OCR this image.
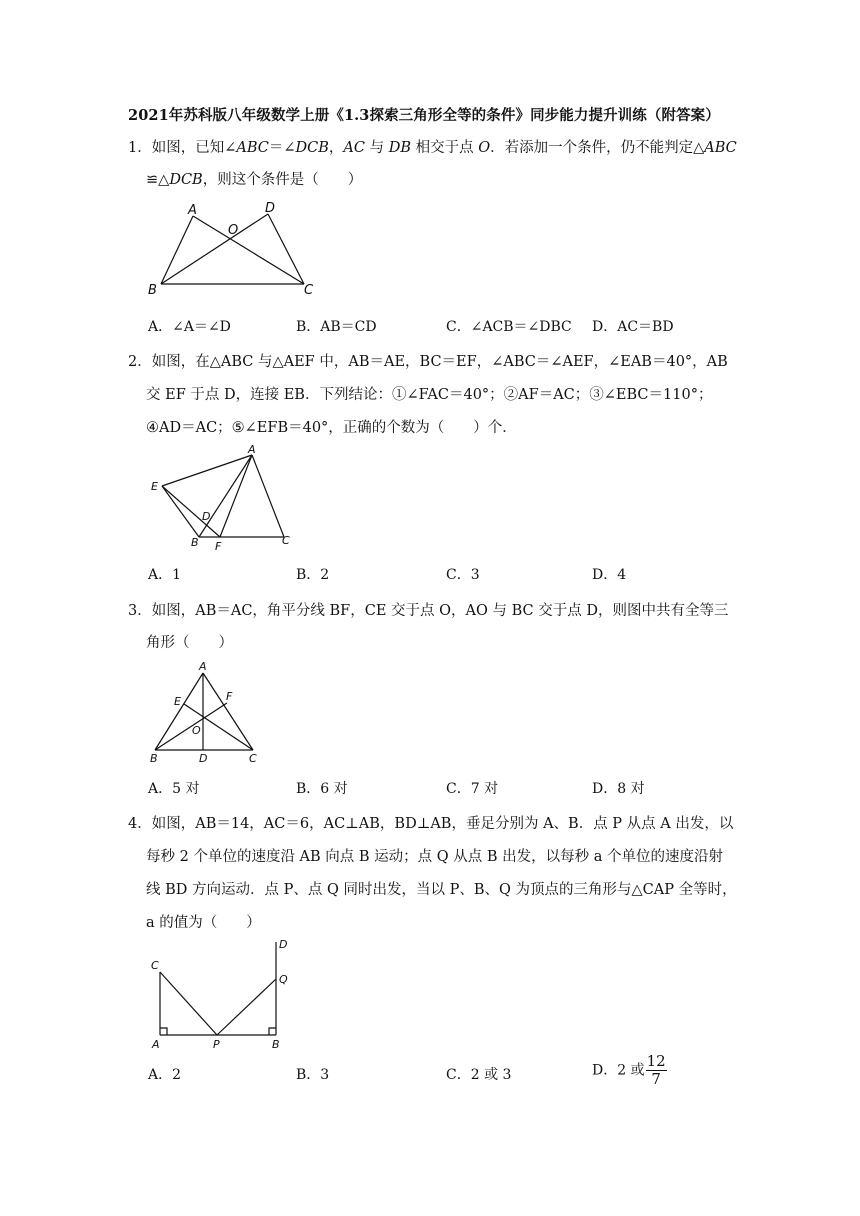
2021年苏科版八年级数学上册《1.3探索三角形全等的条件》同步能力提升训练（附答案）
1．如图，已知∠ABC＝∠DCB，AC 与 DB 相交于点 O．若添加一个条件，仍不能判定△ABC
≌△DCB，则这个条件是（　　）
A	D
O
B	C
A．∠A＝∠D	B．AB＝CD	C．∠ACB＝∠DBC D．AC＝BD
2．如图，在△ABC 与△AEF 中，AB＝AE，BC＝EF，∠ABC＝∠AEF，∠EAB＝40°，AB
交 EF 于点 D，连接 EB．下列结论：①∠FAC＝40°；②AF＝AC；③∠EBC＝110°；
④AD＝AC；⑤∠EFB＝40°，正确的个数为（　　）个．
A
E
D
B F	C
A．1	B．2	C．3	D．4
3．如图，AB＝AC，角平分线 BF，CE 交于点 O，AO 与 BC 交于点 D，则图中共有全等三
角形（　　）
A
E	F
O
B	D	C
A．5 对	B．6 对	C．7 对	D．8 对
4．如图，AB＝14，AC＝6，AC⊥AB，BD⊥AB，垂足分别为 A、B．点 P 从点 A 出发，以
每秒 2 个单位的速度沿 AB 向点 B 运动；点 Q 从点 B 出发，以每秒 a 个单位的速度沿射
线 BD 方向运动．点 P、点 Q 同时出发，当以 P、B、Q 为顶点的三角形与△CAP 全等时，
a 的值为（　　）
C
D
Q
A	P	B
A．2	B．3	C．2 或 3	D．2 或 $\frac{12}{7}$
